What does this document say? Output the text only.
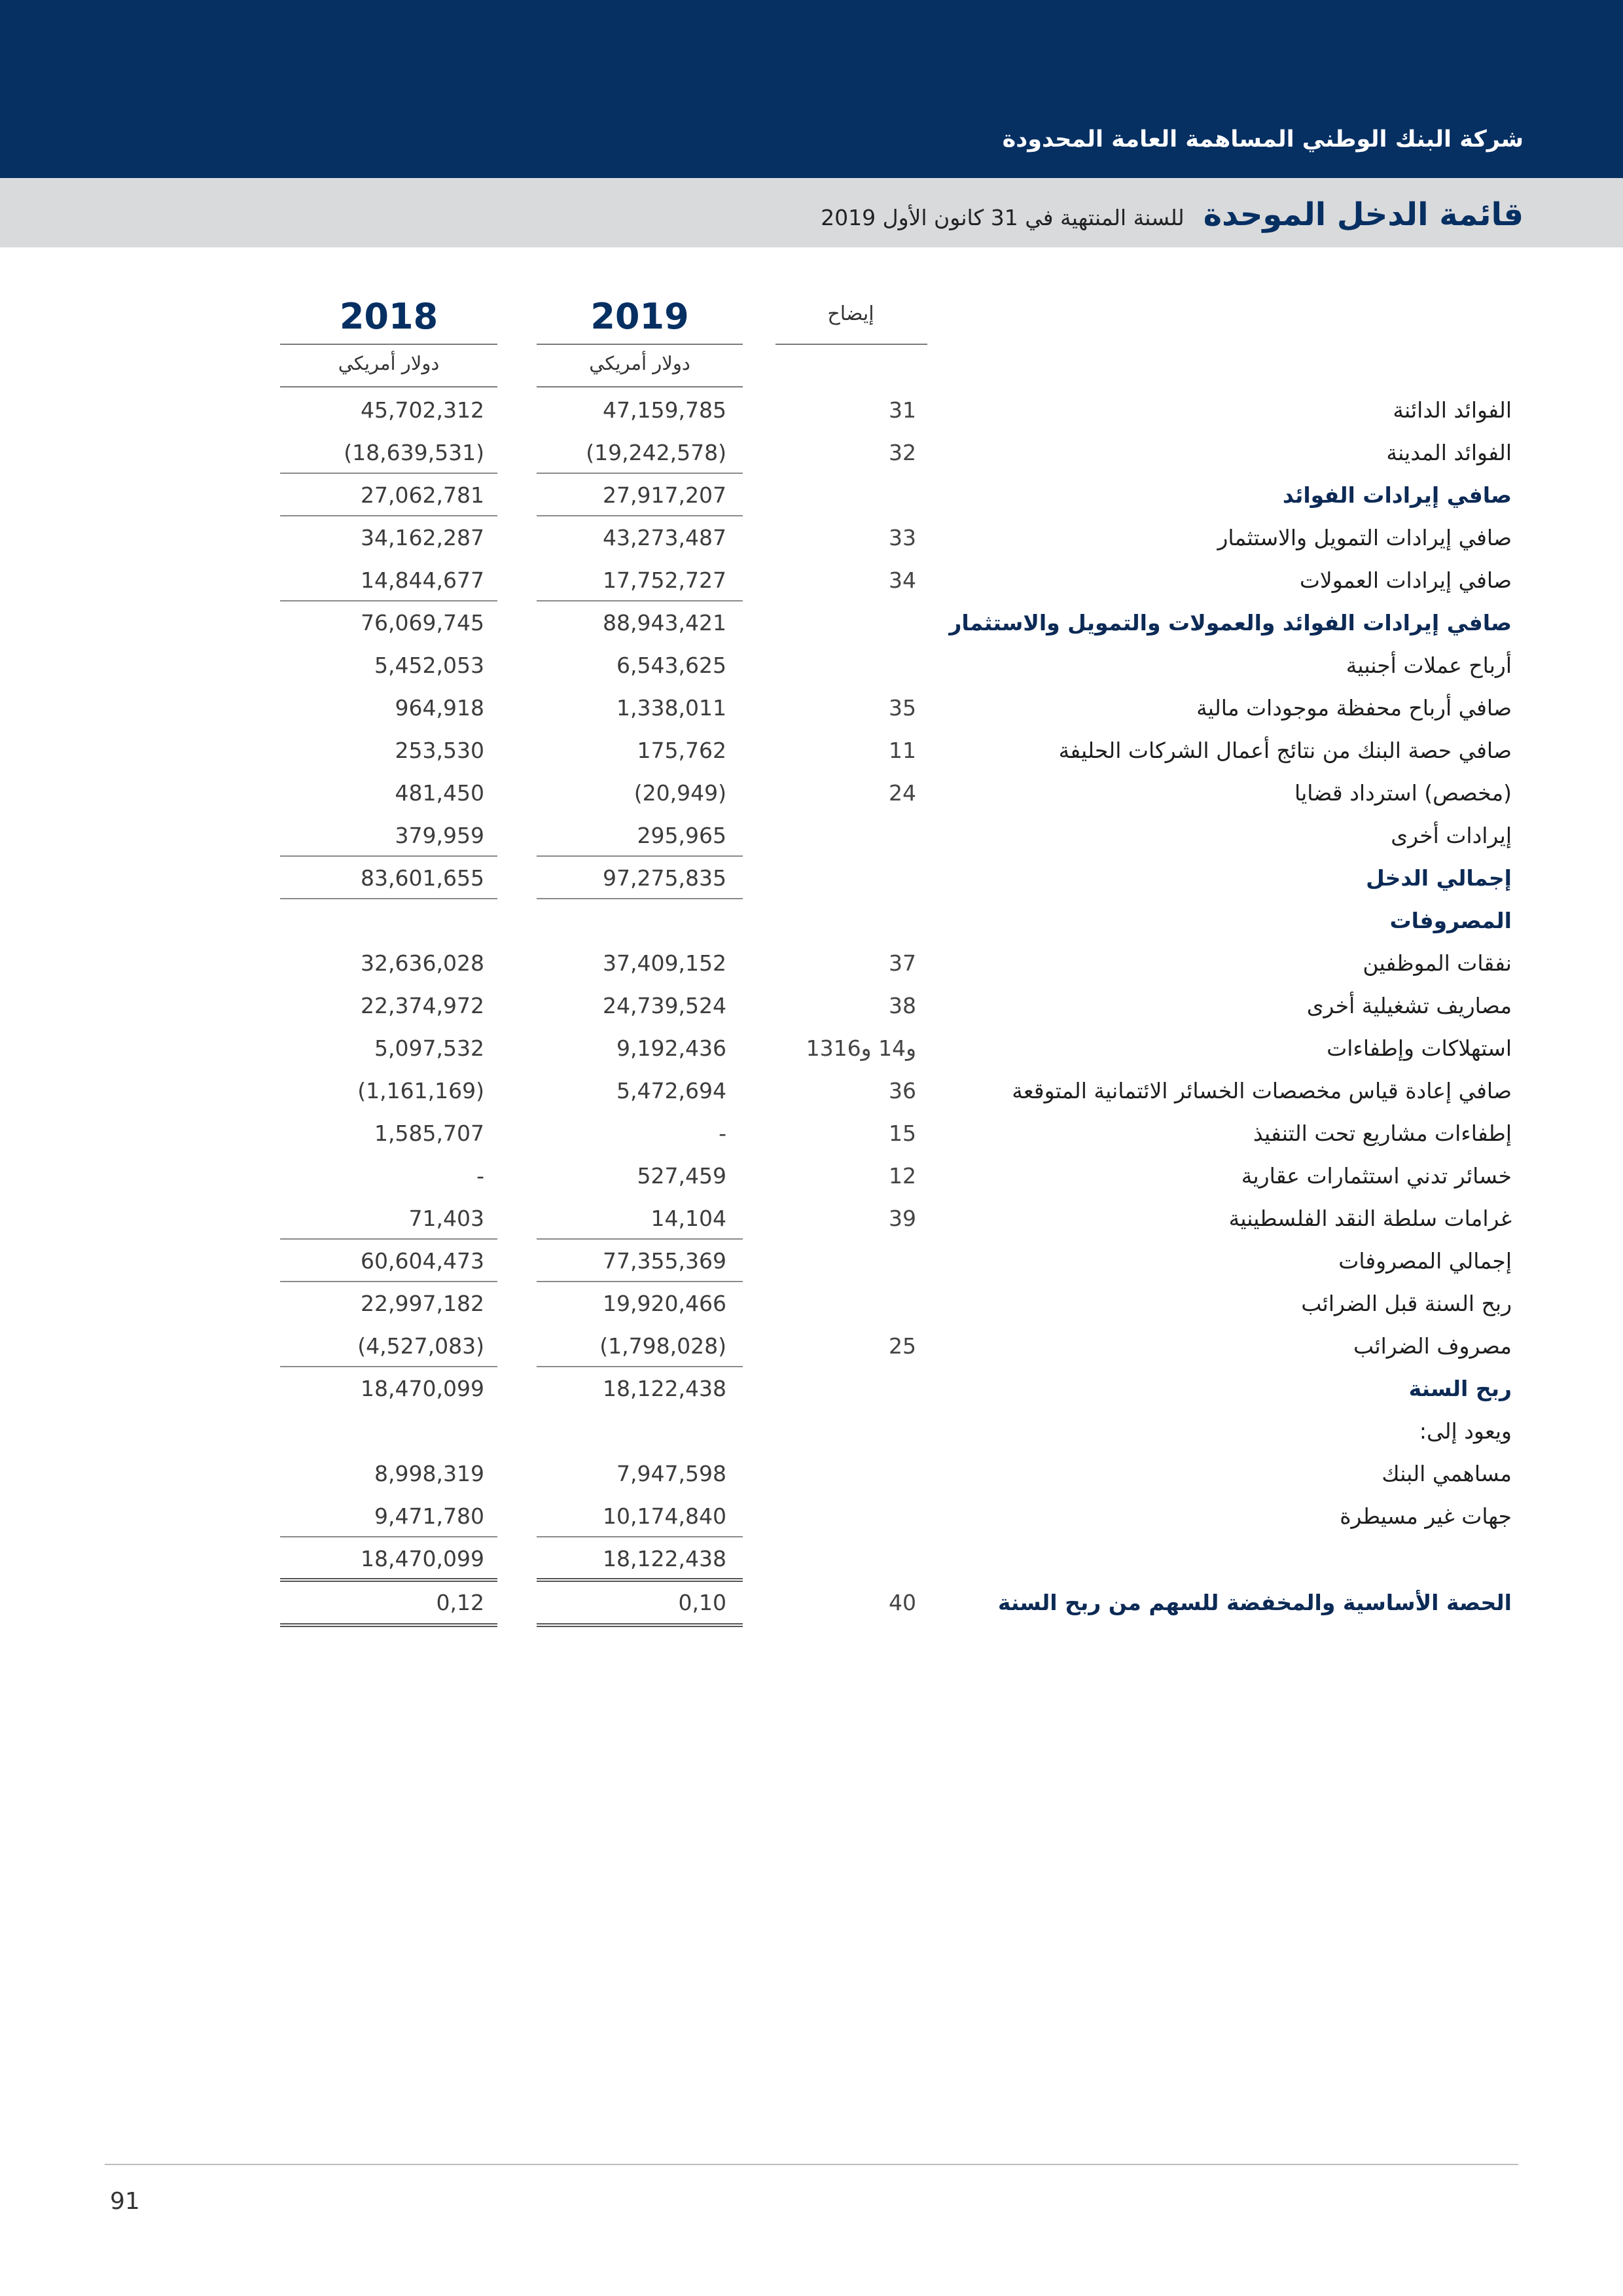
شركة البنك الوطني المساهمة العامة المحدودة
قائمة الدخل الموحدة للسنة المنتهية في 31 كانون الأول 2019
إيضاح
2019
دولار أمريكي
2018
دولار أمريكي
الفوائد الدائنة
31
47,159,785
45,702,312
الفوائد المدينة
32
(19,242,578)
(18,639,531)
صافي إيرادات الفوائد
27,917,207
27,062,781
صافي إيرادات التمويل والاستثمار
33
43,273,487
34,162,287
صافي إيرادات العمولات
34
17,752,727
14,844,677
صافي إيرادات الفوائد والعمولات والتمويل والاستثمار
88,943,421
76,069,745
أرباح عملات أجنبية
6,543,625
5,452,053
صافي أرباح محفظة موجودات مالية
35
1,338,011
964,918
صافي حصة البنك من نتائج أعمال الشركات الحليفة
11
175,762
253,530
(مخصص) استرداد قضايا
24
(20,949)
481,450
إيرادات أخرى
295,965
379,959
إجمالي الدخل
97,275,835
83,601,655
المصروفات
نفقات الموظفين
37
37,409,152
32,636,028
مصاريف تشغيلية أخرى
38
24,739,524
22,374,972
استهلاكات وإطفاءات
13و14 و16
9,192,436
5,097,532
صافي إعادة قياس مخصصات الخسائر الائتمانية المتوقعة
36
5,472,694
(1,161,169)
إطفاءات مشاريع تحت التنفيذ
15
-
1,585,707
خسائر تدني استثمارات عقارية
12
527,459
-
غرامات سلطة النقد الفلسطينية
39
14,104
71,403
إجمالي المصروفات
77,355,369
60,604,473
ربح السنة قبل الضرائب
19,920,466
22,997,182
مصروف الضرائب
25
(1,798,028)
(4,527,083)
ربح السنة
18,122,438
18,470,099
ويعود إلى:
مساهمي البنك
7,947,598
8,998,319
جهات غير مسيطرة
10,174,840
9,471,780
18,122,438
18,470,099
الحصة الأساسية والمخفضة للسهم من ربح السنة
40
0,10
0,12
91
